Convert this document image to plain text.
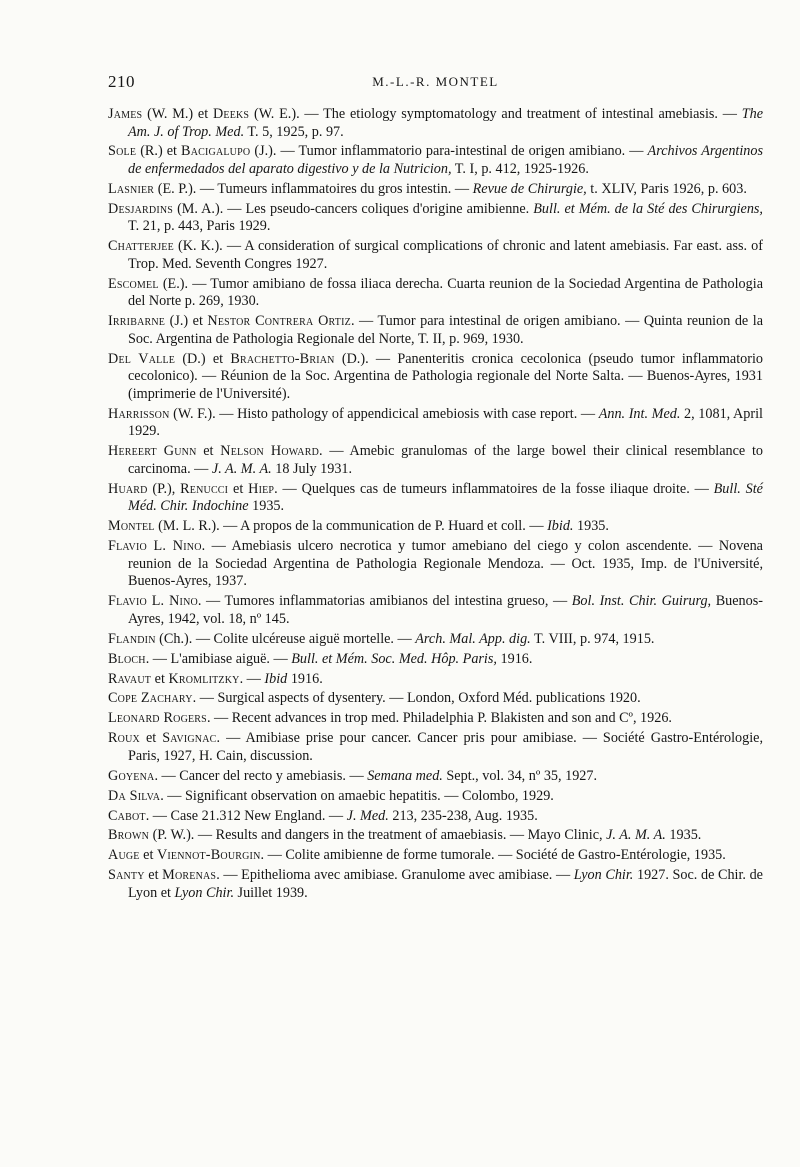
210	M.-L.-R. MONTEL

James (W. M.) et Deeks (W. E.). — The etiology symptomatology and treatment of intestinal amebiasis. — The Am. J. of Trop. Med. T. 5, 1925, p. 97.

Sole (R.) et Bacigalupo (J.). — Tumor inflammatorio para-intestinal de origen amibiano. — Archivos Argentinos de enfermedados del aparato digestivo y de la Nutricion, T. I, p. 412, 1925-1926.

Lasnier (E. P.). — Tumeurs inflammatoires du gros intestin. — Revue de Chirurgie, t. XLIV, Paris 1926, p. 603.

Desjardins (M. A.). — Les pseudo-cancers coliques d'origine amibienne. Bull. et Mém. de la Sté des Chirurgiens, T. 21, p. 443, Paris 1929.

Chatterjee (K. K.). — A consideration of surgical complications of chronic and latent amebiasis. Far east. ass. of Trop. Med. Seventh Congres 1927.

Escomel (E.). — Tumor amibiano de fossa iliaca derecha. Cuarta reunion de la Sociedad Argentina de Pathologia del Norte p. 269, 1930.

Irribarne (J.) et Nestor Contrera Ortiz. — Tumor para intestinal de origen amibiano. — Quinta reunion de la Soc. Argentina de Pathologia Regionale del Norte, T. II, p. 969, 1930.

Del Valle (D.) et Brachetto-Brian (D.). — Panenteritis cronica cecolonica (pseudo tumor inflammatorio cecolonico). — Réunion de la Soc. Argentina de Pathologia regionale del Norte Salta. — Buenos-Ayres, 1931 (imprimerie de l'Université).

Harrisson (W. F.). — Histo pathology of appendicical amebiosis with case report. — Ann. Int. Med. 2, 1081, April 1929.

Hereert Gunn et Nelson Howard. — Amebic granulomas of the large bowel their clinical resemblance to carcinoma. — J. A. M. A. 18 July 1931.

Huard (P.), Renucci et Hiep. — Quelques cas de tumeurs inflammatoires de la fosse iliaque droite. — Bull. Sté Méd. Chir. Indochine 1935.

Montel (M. L. R.). — A propos de la communication de P. Huard et coll. — Ibid. 1935.

Flavio L. Nino. — Amebiasis ulcero necrotica y tumor amebiano del ciego y colon ascendente. — Novena reunion de la Sociedad Argentina de Pathologia Regionale Mendoza. — Oct. 1935, Imp. de l'Université, Buenos-Ayres, 1937.

Flavio L. Nino. — Tumores inflammatorias amibianos del intestina grueso, — Bol. Inst. Chir. Guirurg, Buenos-Ayres, 1942, vol. 18, nº 145.

Flandin (Ch.). — Colite ulcéreuse aiguë mortelle. — Arch. Mal. App. dig. T. VIII, p. 974, 1915.

Bloch. — L'amibiase aiguë. — Bull. et Mém. Soc. Med. Hôp. Paris, 1916.

Ravaut et Kromlitzky. — Ibid 1916.

Cope Zachary. — Surgical aspects of dysentery. — London, Oxford Méd. publications 1920.

Leonard Rogers. — Recent advances in trop med. Philadelphia P. Blakisten and son and Cº, 1926.

Roux et Savignac. — Amibiase prise pour cancer. Cancer pris pour amibiase. — Société Gastro-Entérologie, Paris, 1927, H. Cain, discussion.

Goyena. — Cancer del recto y amebiasis. — Semana med. Sept., vol. 34, nº 35, 1927.

Da Silva. — Significant observation on amaebic hepatitis. — Colombo, 1929.

Cabot. — Case 21.312 New England. — J. Med. 213, 235-238, Aug. 1935.

Brown (P. W.). — Results and dangers in the treatment of amaebiasis. — Mayo Clinic, J. A. M. A. 1935.

Auge et Viennot-Bourgin. — Colite amibienne de forme tumorale. — Société de Gastro-Entérologie, 1935.

Santy et Morenas. — Epithelioma avec amibiase. Granulome avec amibiase. — Lyon Chir. 1927. Soc. de Chir. de Lyon et Lyon Chir. Juillet 1939.
